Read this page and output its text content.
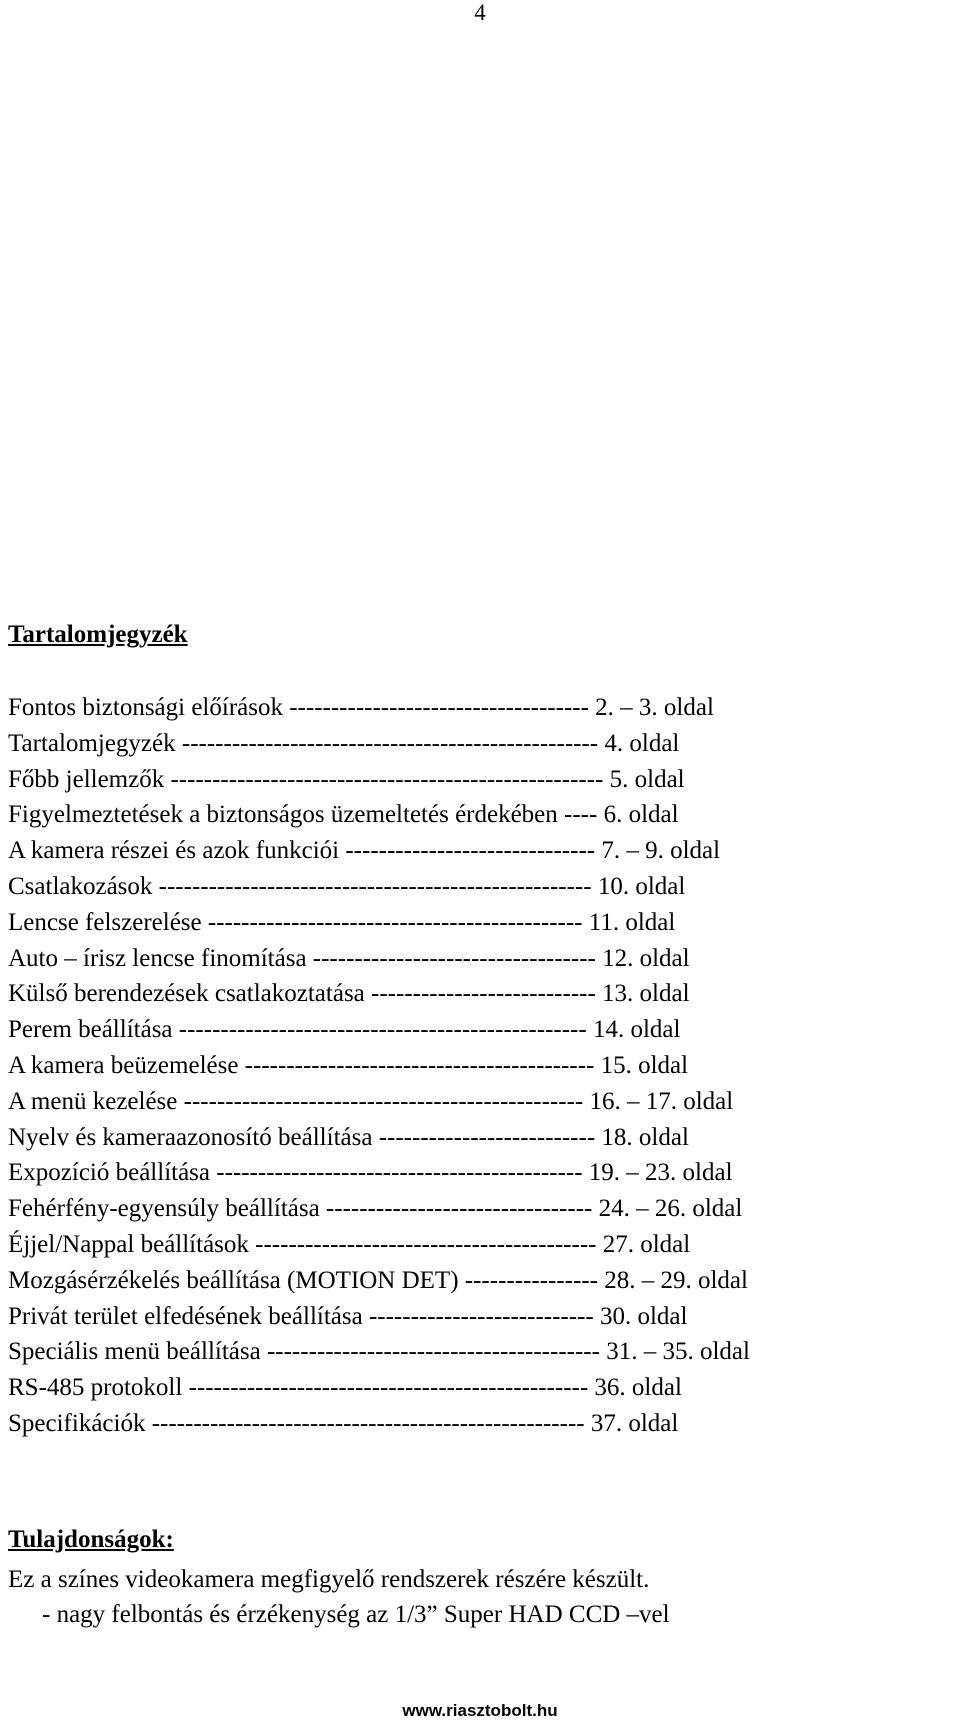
4
Tartalomjegyzék
Fontos biztonsági előírások ------------------------------------ 2. – 3. oldal
Tartalomjegyzék -------------------------------------------------- 4. oldal
Főbb jellemzők ---------------------------------------------------- 5. oldal
Figyelmeztetések a biztonságos üzemeltetés érdekében ---- 6. oldal
A kamera részei és azok funkciói ------------------------------ 7. – 9. oldal
Csatlakozások ---------------------------------------------------- 10. oldal
Lencse felszerelése --------------------------------------------- 11. oldal
Auto – írisz lencse finomítása ---------------------------------- 12. oldal
Külső berendezések csatlakoztatása --------------------------- 13. oldal
Perem beállítása ------------------------------------------------- 14. oldal
A kamera beüzemelése ------------------------------------------ 15. oldal
A menü kezelése ------------------------------------------------ 16. – 17. oldal
Nyelv és kameraazonosító beállítása -------------------------- 18. oldal
Expozíció beállítása -------------------------------------------- 19. – 23. oldal
Fehérfény-egyensúly beállítása -------------------------------- 24. – 26. oldal
Éjjel/Nappal beállítások ----------------------------------------- 27. oldal
Mozgásérzékelés beállítása (MOTION DET) ---------------- 28. – 29. oldal
Privát terület elfedésének beállítása --------------------------- 30. oldal
Speciális menü beállítása ---------------------------------------- 31. – 35. oldal
RS-485 protokoll ------------------------------------------------ 36. oldal
Specifikációk ---------------------------------------------------- 37. oldal
Tulajdonságok:
Ez a színes videokamera megfigyelő rendszerek részére készült.
- nagy felbontás és érzékenység az 1/3” Super HAD CCD –vel
www.riasztobolt.hu
